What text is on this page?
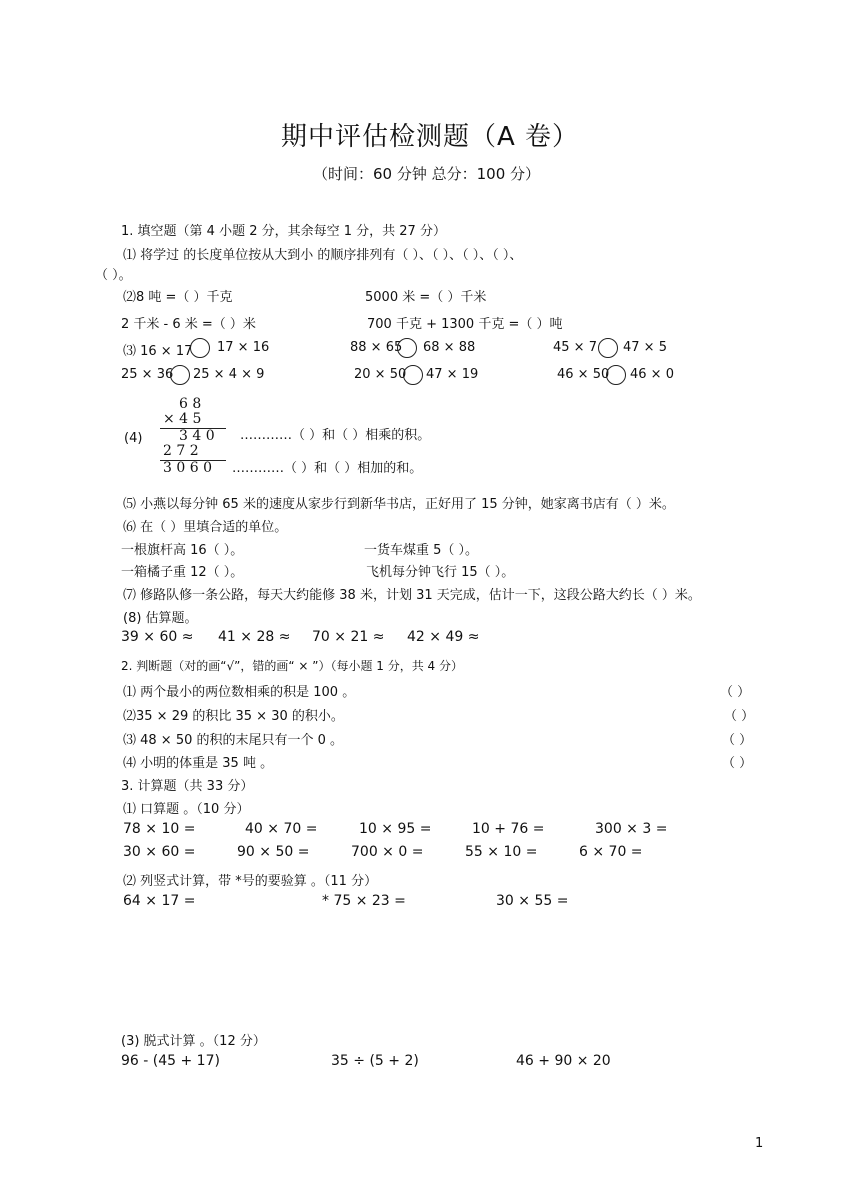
期中评估检测题（A 卷）
（时间：60 分钟 总分：100 分）
1. 填空题（第 4 小题 2 分，其余每空 1 分，共 27 分）
⑴ 将学过 的长度单位按从大到小 的顺序排列有（ ）、（ ）、（ ）、（ ）、
（ ）。
⑵8 吨 =（ ）千克	5000 米 =（ ）千米
2 千米 - 6 米 =（ ）米	700 千克 + 1300 千克 =（ ）吨
⑶ 16 × 17 17 × 16	88 × 65 68 × 88	45 × 7 47 × 5
25 × 36 25 × 4 × 9	20 × 50 47 × 19	46 × 50 46 × 0
(4)
6 8
× 4 5
3 4 0
2 7 2
3 0 6 0
…………（ ）和（ ）相乘的积。
…………（ ）和（ ）相加的和。
⑸ 小燕以每分钟 65 米的速度从家步行到新华书店，正好用了 15 分钟，她家离书店有（ ）米。
⑹ 在（ ）里填合适的单位。
一根旗杆高 16（ ）。	一货车煤重 5（ ）。
一箱橘子重 12（ ）。	飞机每分钟飞行 15（ ）。
⑺ 修路队修一条公路，每天大约能修 38 米，计划 31 天完成，估计一下，这段公路大约长（ ）米。
(8) 估算题。
39 × 60 ≈ 41 × 28 ≈ 70 × 21 ≈ 42 × 49 ≈
2. 判断题（对的画“√”，错的画“ × ”）（每小题 1 分，共 4 分）
⑴ 两个最小的两位数相乘的积是 100 。	（ ）
⑵35 × 29 的积比 35 × 30 的积小。	（ ）
⑶ 48 × 50 的积的末尾只有一个 0 。	（ ）
⑷ 小明的体重是 35 吨 。	（ ）
3. 计算题（共 33 分）
⑴ 口算题 。（10 分）
78 × 10 =	40 × 70 =	10 × 95 =	10 + 76 =	300 × 3 =
30 × 60 =	90 × 50 =	700 × 0 =	55 × 10 =	6 × 70 =
⑵ 列竖式计算，带 *号的要验算 。（11 分）
64 × 17 =	* 75 × 23 =	30 × 55 =
(3) 脱式计算 。（12 分）
96 - (45 + 17)	35 ÷ (5 + 2)	46 + 90 × 20
1
